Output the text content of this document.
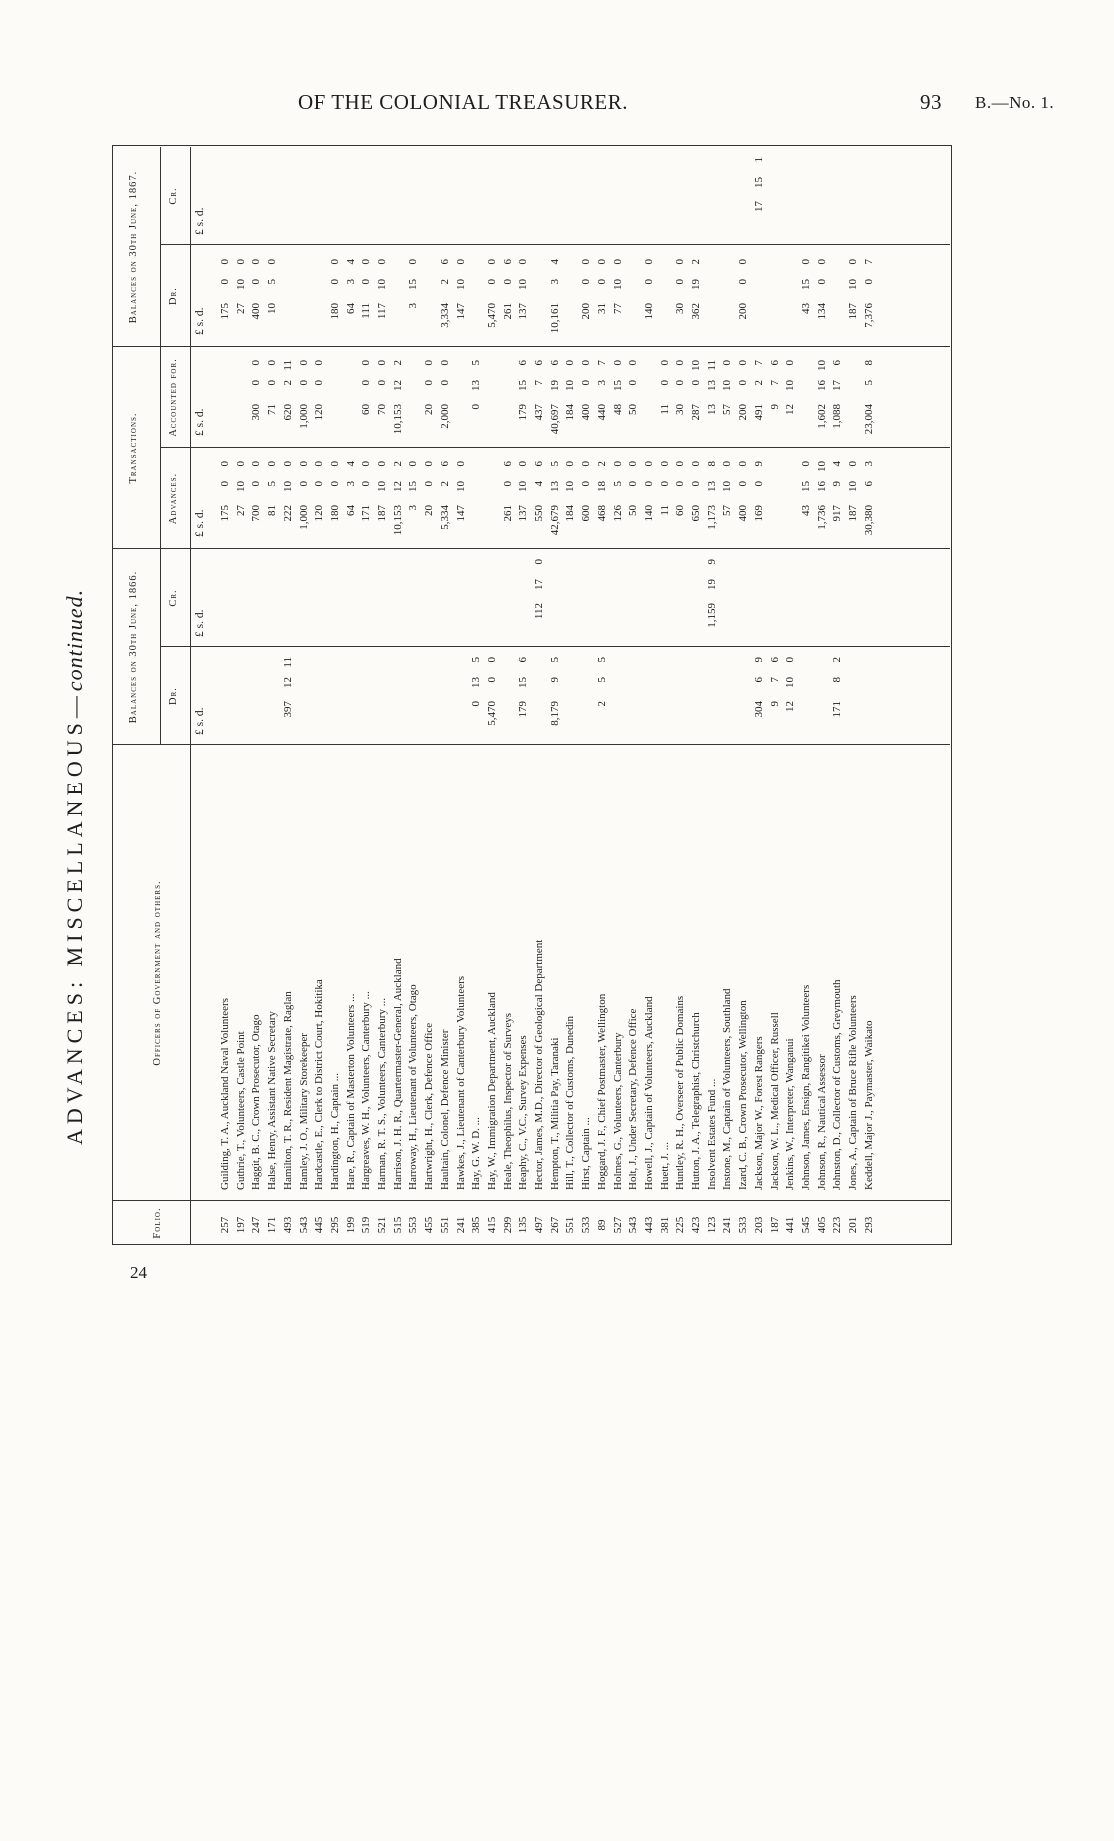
OF THE COLONIAL TREASURER.	93 B.—No. 1.
24
ADVANCES: MISCELLANEOUS—continued.
Folio.
Officers of Government and others.
Balances on 30th June, 1866.
Transactions.
Balances on 30th June, 1867.
Dr.
Cr.
Advances.
Accounted for.
Dr.
Cr.
£ s. d.
£ s. d.
£ s. d.
£ s. d.
£ s. d.
£ s. d.
257
Guilding, T. A., Auckland Naval Volunteers
175
0
0
175
0
0
197
Guthrie, T., Volunteers, Castle Point
27
10
0
27
10
0
247
Haggit, B. C., Crown Prosecutor, Otago
700
0
0
300
0
0
400
0
0
171
Halse, Henry, Assistant Native Secretary
81
5
0
71
0
0
10
5
0
493
Hamilton, T. R., Resident Magistrate, Raglan
397
12
11
222
10
0
620
2
11
543
Hamley, J. O., Military Storekeeper
1,000
0
0
1,000
0
0
445
Hardcastle, E., Clerk to District Court, Hokitika
120
0
0
120
0
0
295
Hardington, H., Captain ...
180
0
0
180
0
0
199
Hare, R., Captain of Masterton Volunteers ...
64
3
4
64
3
4
519
Hargreaves, W. H., Volunteers, Canterbury ...
171
0
0
60
0
0
111
0
0
521
Harman, R. T. S., Volunteers, Canterbury ...
187
10
0
70
0
0
117
10
0
515
Harrison, J. H. R., Quartermaster-General, Auckland
10,153
12
2
10,153
12
2
553
Harroway, H., Lieutenant of Volunteers, Otago
3
15
0
3
15
0
455
Hartwright, H., Clerk, Defence Office
20
0
0
20
0
0
551
Haultain, Colonel, Defence Minister
5,334
2
6
2,000
0
0
3,334
2
6
241
Hawkes, J., Lieutenant of Canterbury Volunteers
147
10
0
147
10
0
385
Hay, G. W. D. ...
0
13
5
0
13
5
415
Hay, W., Immigration Department, Auckland
5,470
0
0
5,470
0
0
299
Heale, Theophilus, Inspector of Surveys
261
0
6
261
0
6
135
Heaphy, C., V.C., Survey Expenses
179
15
6
137
10
0
179
15
6
137
10
0
497
Hector, James, M.D., Director of Geological Department
112
17
0
550
4
6
437
7
6
267
Hempton, T., Militia Pay, Taranaki
8,179
9
5
42,679
13
5
40,697
19
6
10,161
3
4
551
Hill, T., Collector of Customs, Dunedin
184
10
0
184
10
0
533
Hirst, Captain ...
600
0
0
400
0
0
200
0
0
89
Hoggard, J. F., Chief Postmaster, Wellington
2
5
5
468
18
2
440
3
7
31
0
0
527
Holmes, G., Volunteers, Canterbury
126
5
0
48
15
0
77
10
0
543
Holt, J., Under Secretary, Defence Office
50
0
0
50
0
0
443
Howell, J., Captain of Volunteers, Auckland
140
0
0
140
0
0
381
Huett, J. ...
11
0
0
11
0
0
225
Huntley, R. H., Overseer of Public Domains
60
0
0
30
0
0
30
0
0
423
Hutton, J. A., Telegraphist, Christchurch
650
0
0
287
0
10
362
19
2
123
Insolvent Estates Fund ...
1,159
19
9
1,173
13
8
13
13
11
241
Instone, M., Captain of Volunteers, Southland
57
10
0
57
10
0
533
Izard, C. B., Crown Prosecutor, Wellington
400
0
0
200
0
0
200
0
0
203
Jackson, Major W., Forest Rangers
304
6
9
169
0
9
491
2
7
17
15
1
187
Jackson, W. L., Medical Officer, Russell
9
7
6
9
7
6
441
Jenkins, W., Interpreter, Wanganui
12
10
0
12
10
0
545
Johnson, James, Ensign, Rangitikei Volunteers
43
15
0
43
15
0
405
Johnson, R., Nautical Assessor
1,736
16
10
1,602
16
10
134
0
0
223
Johnston, D., Collector of Customs, Greymouth
171
8
2
917
9
4
1,088
17
6
201
Jones, A., Captain of Bruce Rifle Volunteers
187
10
0
187
10
0
293
Keddell, Major J., Paymaster, Waikato
30,380
6
3
23,004
5
8
7,376
0
7
